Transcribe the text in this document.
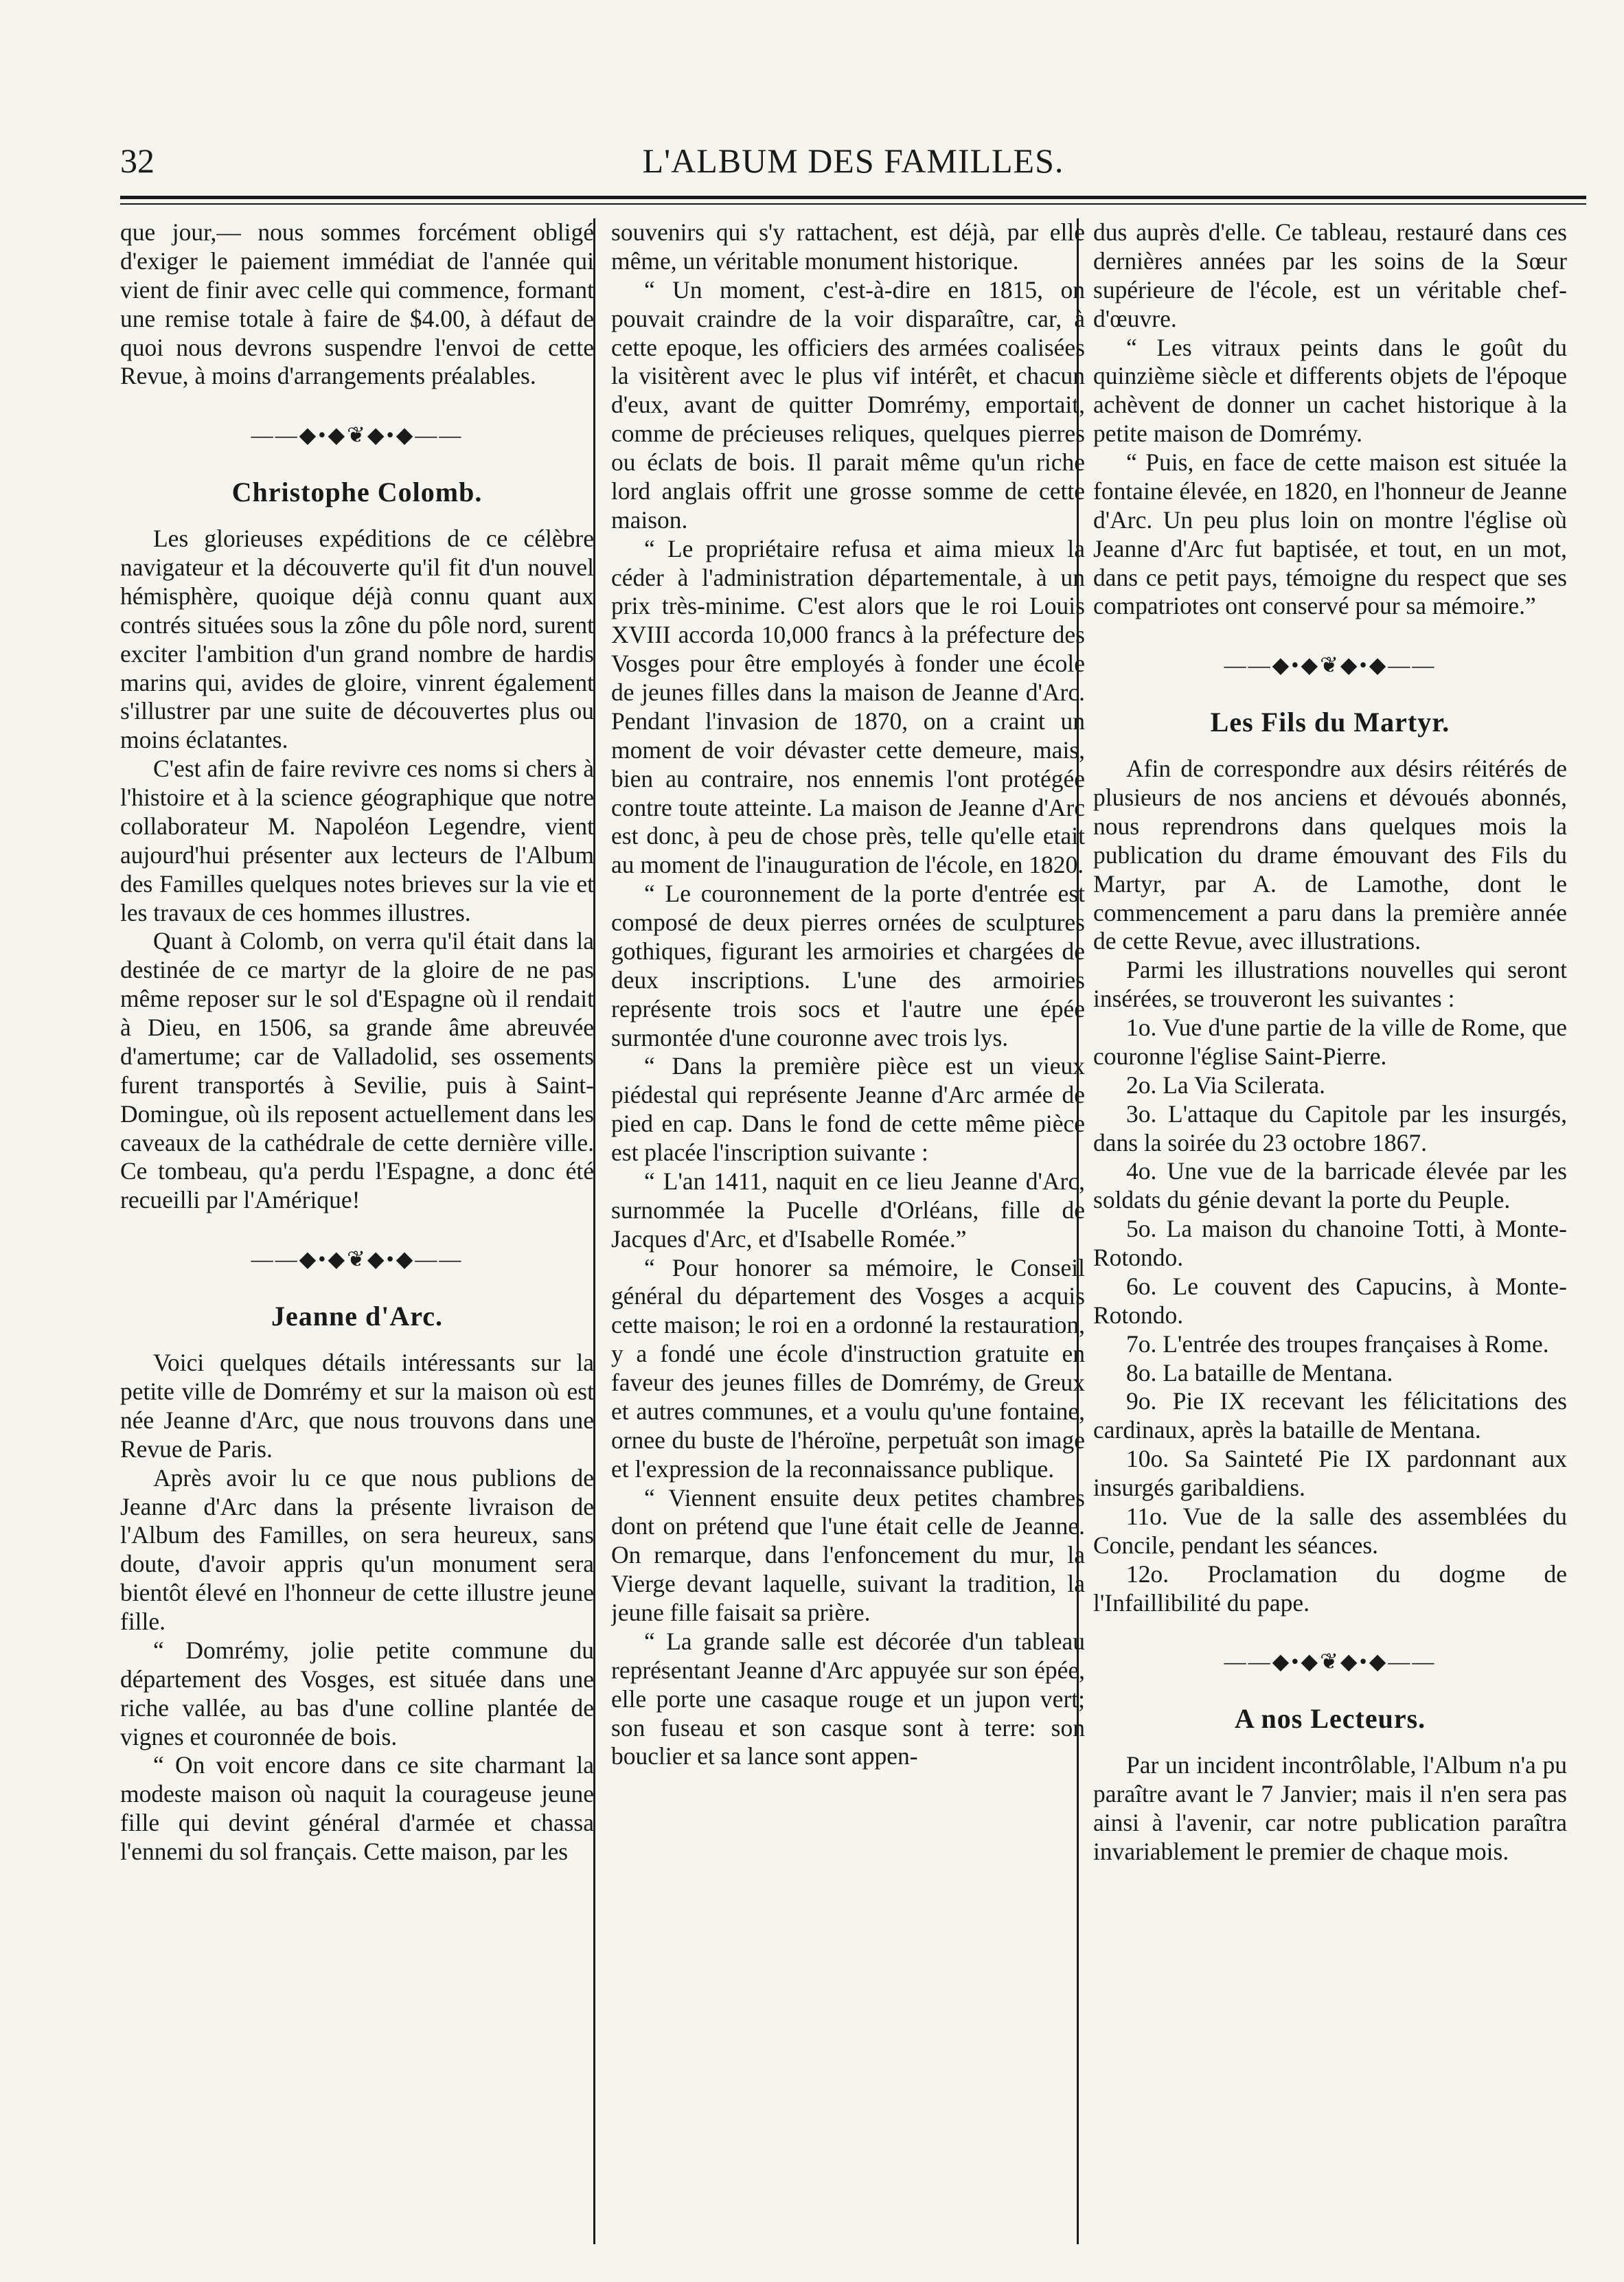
32	L'ALBUM DES FAMILLES.

que jour,— nous sommes forcément obligé d'exiger le paiement immédiat de l'année qui vient de finir avec celle qui commence, formant une remise totale à faire de $4.00, à défaut de quoi nous devrons suspendre l'envoi de cette Revue, à moins d'arrangements préalables.

——◆•◆❦◆•◆——
Christophe Colomb.

Les glorieuses expéditions de ce célèbre navigateur et la découverte qu'il fit d'un nouvel hémisphère, quoique déjà connu quant aux contrés situées sous la zône du pôle nord, surent exciter l'ambition d'un grand nombre de hardis marins qui, avides de gloire, vinrent également s'illustrer par une suite de découvertes plus ou moins éclatantes.

C'est afin de faire revivre ces noms si chers à l'histoire et à la science géographique que notre collaborateur M. Napoléon Legendre, vient aujourd'hui présenter aux lecteurs de l'Album des Familles quelques notes brieves sur la vie et les travaux de ces hommes illustres.

Quant à Colomb, on verra qu'il était dans la destinée de ce martyr de la gloire de ne pas même reposer sur le sol d'Espagne où il rendait à Dieu, en 1506, sa grande âme abreuvée d'amertume; car de Valladolid, ses ossements furent transportés à Sevilie, puis à Saint-Domingue, où ils reposent actuellement dans les caveaux de la cathédrale de cette dernière ville. Ce tombeau, qu'a perdu l'Espagne, a donc été recueilli par l'Amérique!

——◆•◆❦◆•◆——
Jeanne d'Arc.

Voici quelques détails intéressants sur la petite ville de Domrémy et sur la maison où est née Jeanne d'Arc, que nous trouvons dans une Revue de Paris.

Après avoir lu ce que nous publions de Jeanne d'Arc dans la présente livraison de l'Album des Familles, on sera heureux, sans doute, d'avoir appris qu'un monument sera bientôt élevé en l'honneur de cette illustre jeune fille.

“ Domrémy, jolie petite commune du département des Vosges, est située dans une riche vallée, au bas d'une colline plantée de vignes et couronnée de bois.

“ On voit encore dans ce site charmant la modeste maison où naquit la courageuse jeune fille qui devint général d'armée et chassa l'ennemi du sol français. Cette maison, par les

souvenirs qui s'y rattachent, est déjà, par elle même, un véritable monument historique.

“ Un moment, c'est-à-dire en 1815, on pouvait craindre de la voir disparaître, car, à cette epoque, les officiers des armées coalisées la visitèrent avec le plus vif intérêt, et chacun d'eux, avant de quitter Domrémy, emportait, comme de précieuses reliques, quelques pierres ou éclats de bois. Il parait même qu'un riche lord anglais offrit une grosse somme de cette maison.

“ Le propriétaire refusa et aima mieux la céder à l'administration départementale, à un prix très-minime. C'est alors que le roi Louis XVIII accorda 10,000 francs à la préfecture des Vosges pour être employés à fonder une école de jeunes filles dans la maison de Jeanne d'Arc. Pendant l'invasion de 1870, on a craint un moment de voir dévaster cette demeure, mais, bien au contraire, nos ennemis l'ont protégée contre toute atteinte. La maison de Jeanne d'Arc est donc, à peu de chose près, telle qu'elle etait au moment de l'inauguration de l'école, en 1820.

“ Le couronnement de la porte d'entrée est composé de deux pierres ornées de sculptures gothiques, figurant les armoiries et chargées de deux inscriptions. L'une des armoiries représente trois socs et l'autre une épée surmontée d'une couronne avec trois lys.

“ Dans la première pièce est un vieux piédestal qui représente Jeanne d'Arc armée de pied en cap. Dans le fond de cette même pièce est placée l'inscription suivante :

“ L'an 1411, naquit en ce lieu Jeanne d'Arc, surnommée la Pucelle d'Orléans, fille de Jacques d'Arc, et d'Isabelle Romée.”

“ Pour honorer sa mémoire, le Conseil général du département des Vosges a acquis cette maison; le roi en a ordonné la restauration, y a fondé une école d'instruction gratuite en faveur des jeunes filles de Domrémy, de Greux et autres communes, et a voulu qu'une fontaine, ornee du buste de l'héroïne, perpetuât son image et l'expression de la reconnaissance publique.

“ Viennent ensuite deux petites chambres dont on prétend que l'une était celle de Jeanne. On remarque, dans l'enfoncement du mur, la Vierge devant laquelle, suivant la tradition, la jeune fille faisait sa prière.

“ La grande salle est décorée d'un tableau représentant Jeanne d'Arc appuyée sur son épée, elle porte une casaque rouge et un jupon vert; son fuseau et son casque sont à terre: son bouclier et sa lance sont appen-

dus auprès d'elle. Ce tableau, restauré dans ces dernières années par les soins de la Sœur supérieure de l'école, est un véritable chef-d'œuvre.

“ Les vitraux peints dans le goût du quinzième siècle et differents objets de l'époque achèvent de donner un cachet historique à la petite maison de Domrémy.

“ Puis, en face de cette maison est située la fontaine élevée, en 1820, en l'honneur de Jeanne d'Arc. Un peu plus loin on montre l'église où Jeanne d'Arc fut baptisée, et tout, en un mot, dans ce petit pays, témoigne du respect que ses compatriotes ont conservé pour sa mémoire.”

——◆•◆❦◆•◆——
Les Fils du Martyr.

Afin de correspondre aux désirs réitérés de plusieurs de nos anciens et dévoués abonnés, nous reprendrons dans quelques mois la publication du drame émouvant des Fils du Martyr, par A. de Lamothe, dont le commencement a paru dans la première année de cette Revue, avec illustrations.

Parmi les illustrations nouvelles qui seront insérées, se trouveront les suivantes :

1o. Vue d'une partie de la ville de Rome, que couronne l'église Saint-Pierre.

2o. La Via Scilerata.

3o. L'attaque du Capitole par les insurgés, dans la soirée du 23 octobre 1867.

4o. Une vue de la barricade élevée par les soldats du génie devant la porte du Peuple.

5o. La maison du chanoine Totti, à Monte-Rotondo.

6o. Le couvent des Capucins, à Monte-Rotondo.

7o. L'entrée des troupes françaises à Rome.

8o. La bataille de Mentana.

9o. Pie IX recevant les félicitations des cardinaux, après la bataille de Mentana.

10o. Sa Sainteté Pie IX pardonnant aux insurgés garibaldiens.

11o. Vue de la salle des assemblées du Concile, pendant les séances.

12o. Proclamation du dogme de l'Infaillibilité du pape.

——◆•◆❦◆•◆——
A nos Lecteurs.

Par un incident incontrôlable, l'Album n'a pu paraître avant le 7 Janvier; mais il n'en sera pas ainsi à l'avenir, car notre publication paraîtra invariablement le premier de chaque mois.
